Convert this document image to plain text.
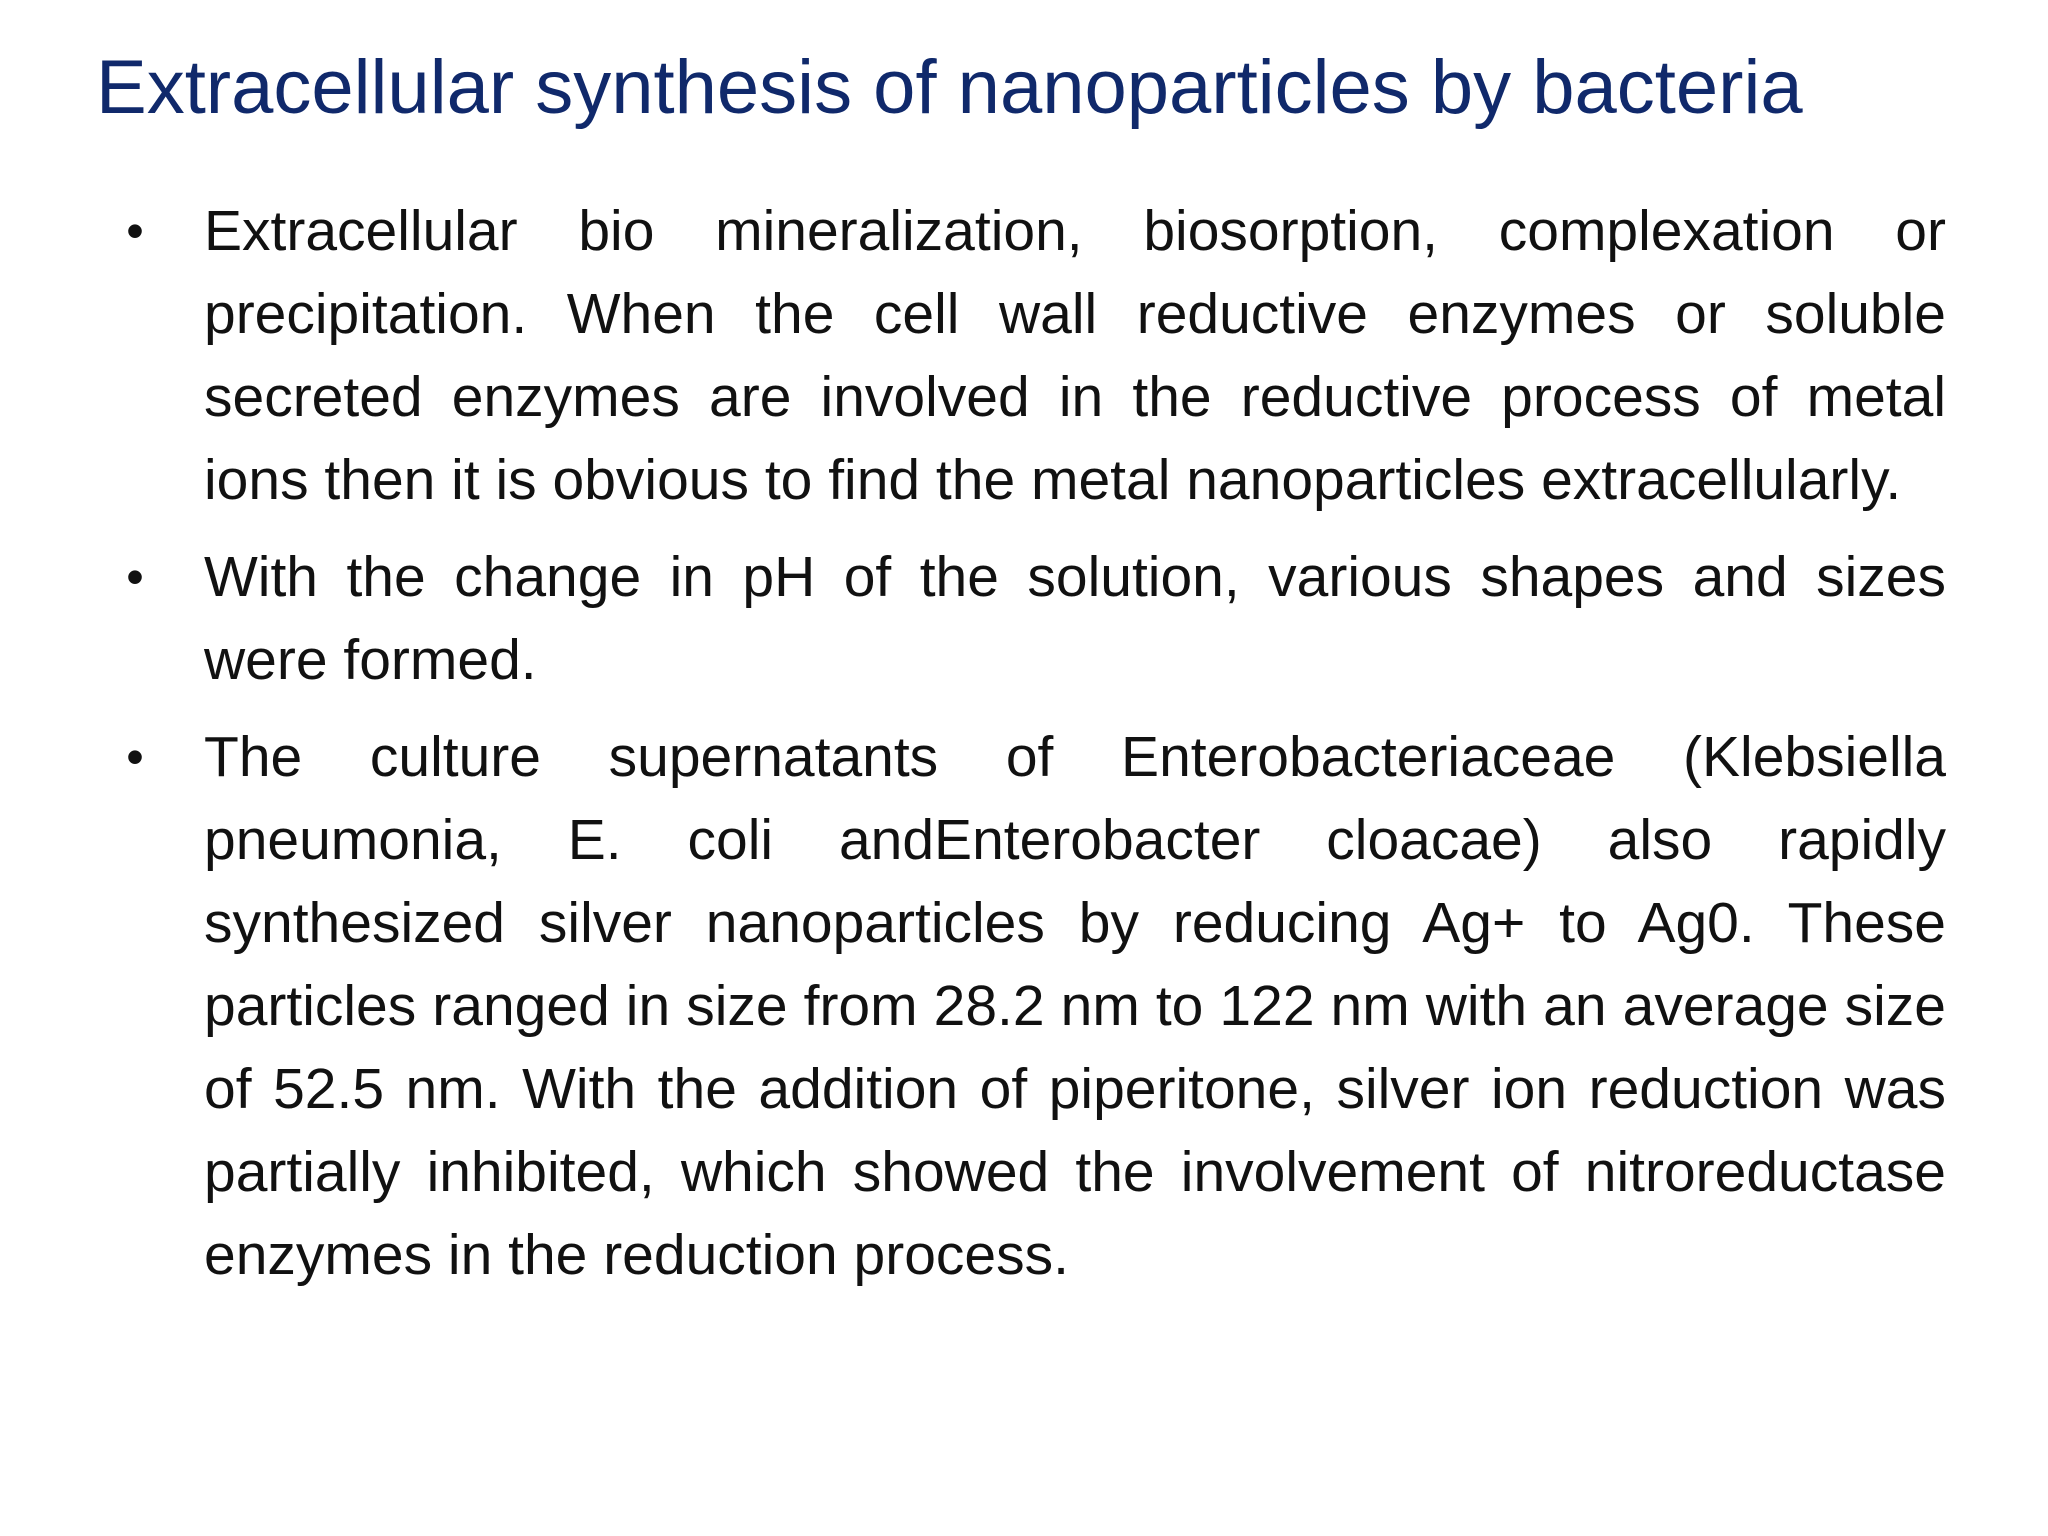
Extracellular synthesis of nanoparticles by bacteria
• Extracellular bio mineralization, biosorption, complexation or precipitation. When the cell wall reductive enzymes or soluble secreted enzymes are involved in the reductive process of metal ions then it is obvious to find the metal nanoparticles extracellularly.
• With the change in pH of the solution, various shapes and sizes were formed.
• The culture supernatants of Enterobacteriaceae (Klebsiella pneumonia, E. coli andEnterobacter cloacae) also rapidly synthesized silver nanoparticles by reducing Ag+ to Ag0. These particles ranged in size from 28.2 nm to 122 nm with an average size of 52.5 nm. With the addition of piperitone, silver ion reduction was partially inhibited, which showed the involvement of nitroreductase enzymes in the reduction process.
